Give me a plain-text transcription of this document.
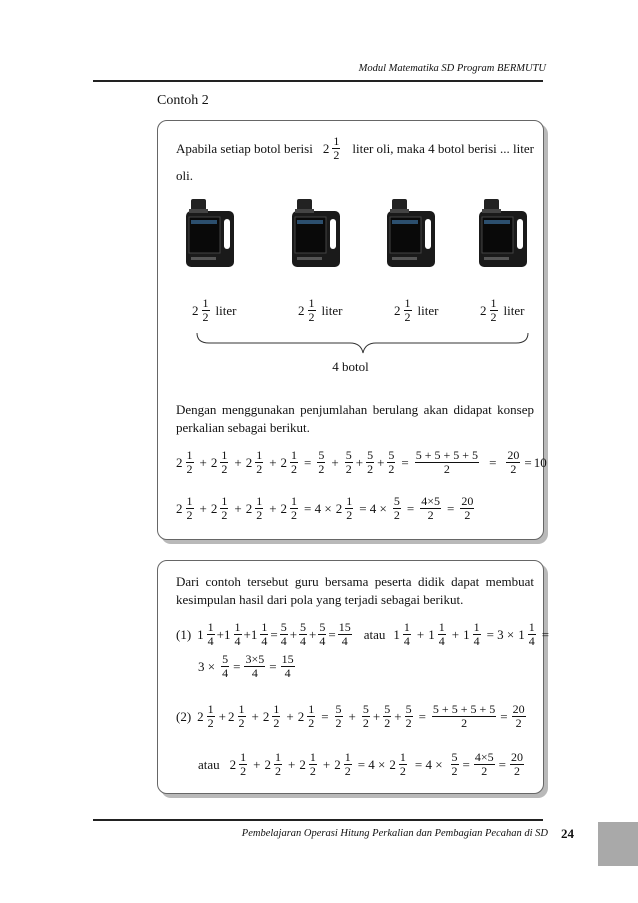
Modul Matematika SD Program BERMUTU
Contoh 2
Apabila setiap botol berisi $2 \frac{1}{2}$ liter oli, maka 4 botol berisi ... liter
oli.
$2 \frac{1}{2}$ liter	$2 \frac{1}{2}$ liter	$2 \frac{1}{2}$ liter	$2 \frac{1}{2}$ liter
4 botol
Dengan menggunakan penjumlahan berulang akan didapat konsep perkalian sebagai berikut.
$2 \frac{1}{2} + 2 \frac{1}{2} + 2 \frac{1}{2} + 2 \frac{1}{2} = \frac{5}{2} + \frac{5}{2} + \frac{5}{2} + \frac{5}{2} = \frac{5 + 5 + 5 + 5}{2} = \frac{20}{2} = 10$
$2 \frac{1}{2} + 2 \frac{1}{2} + 2 \frac{1}{2} + 2 \frac{1}{2} = 4 \times 2 \frac{1}{2} = 4 \times \frac{5}{2} = \frac{4\times 5}{2} = \frac{20}{2}$
Dari contoh tersebut guru bersama peserta didik dapat membuat kesimpulan hasil dari pola yang terjadi sebagai berikut.
(1) $1 \frac{1}{4} + 1 \frac{1}{4} + 1 \frac{1}{4} = \frac{5}{4} + \frac{5}{4} + \frac{5}{4} = \frac{15}{4}$ atau $1 \frac{1}{4} + 1 \frac{1}{4} + 1 \frac{1}{4} = 3 \times 1 \frac{1}{4}$ =
$3 \times \frac{5}{4} = \frac{3\times 5}{4} = \frac{15}{4}$
(2) $2 \frac{1}{2} + 2 \frac{1}{2} + 2 \frac{1}{2} + 2 \frac{1}{2} = \frac{5}{2} + \frac{5}{2} + \frac{5}{2} + \frac{5}{2} = \frac{5 + 5 + 5 + 5}{2} = \frac{20}{2}$
atau $2 \frac{1}{2} + 2 \frac{1}{2} + 2 \frac{1}{2} + 2 \frac{1}{2} = 4 \times 2 \frac{1}{2} = 4 \times \frac{5}{2} = \frac{4\times 5}{2} = \frac{20}{2}$
Pembelajaran Operasi Hitung Perkalian dan Pembagian Pecahan di SD 24
